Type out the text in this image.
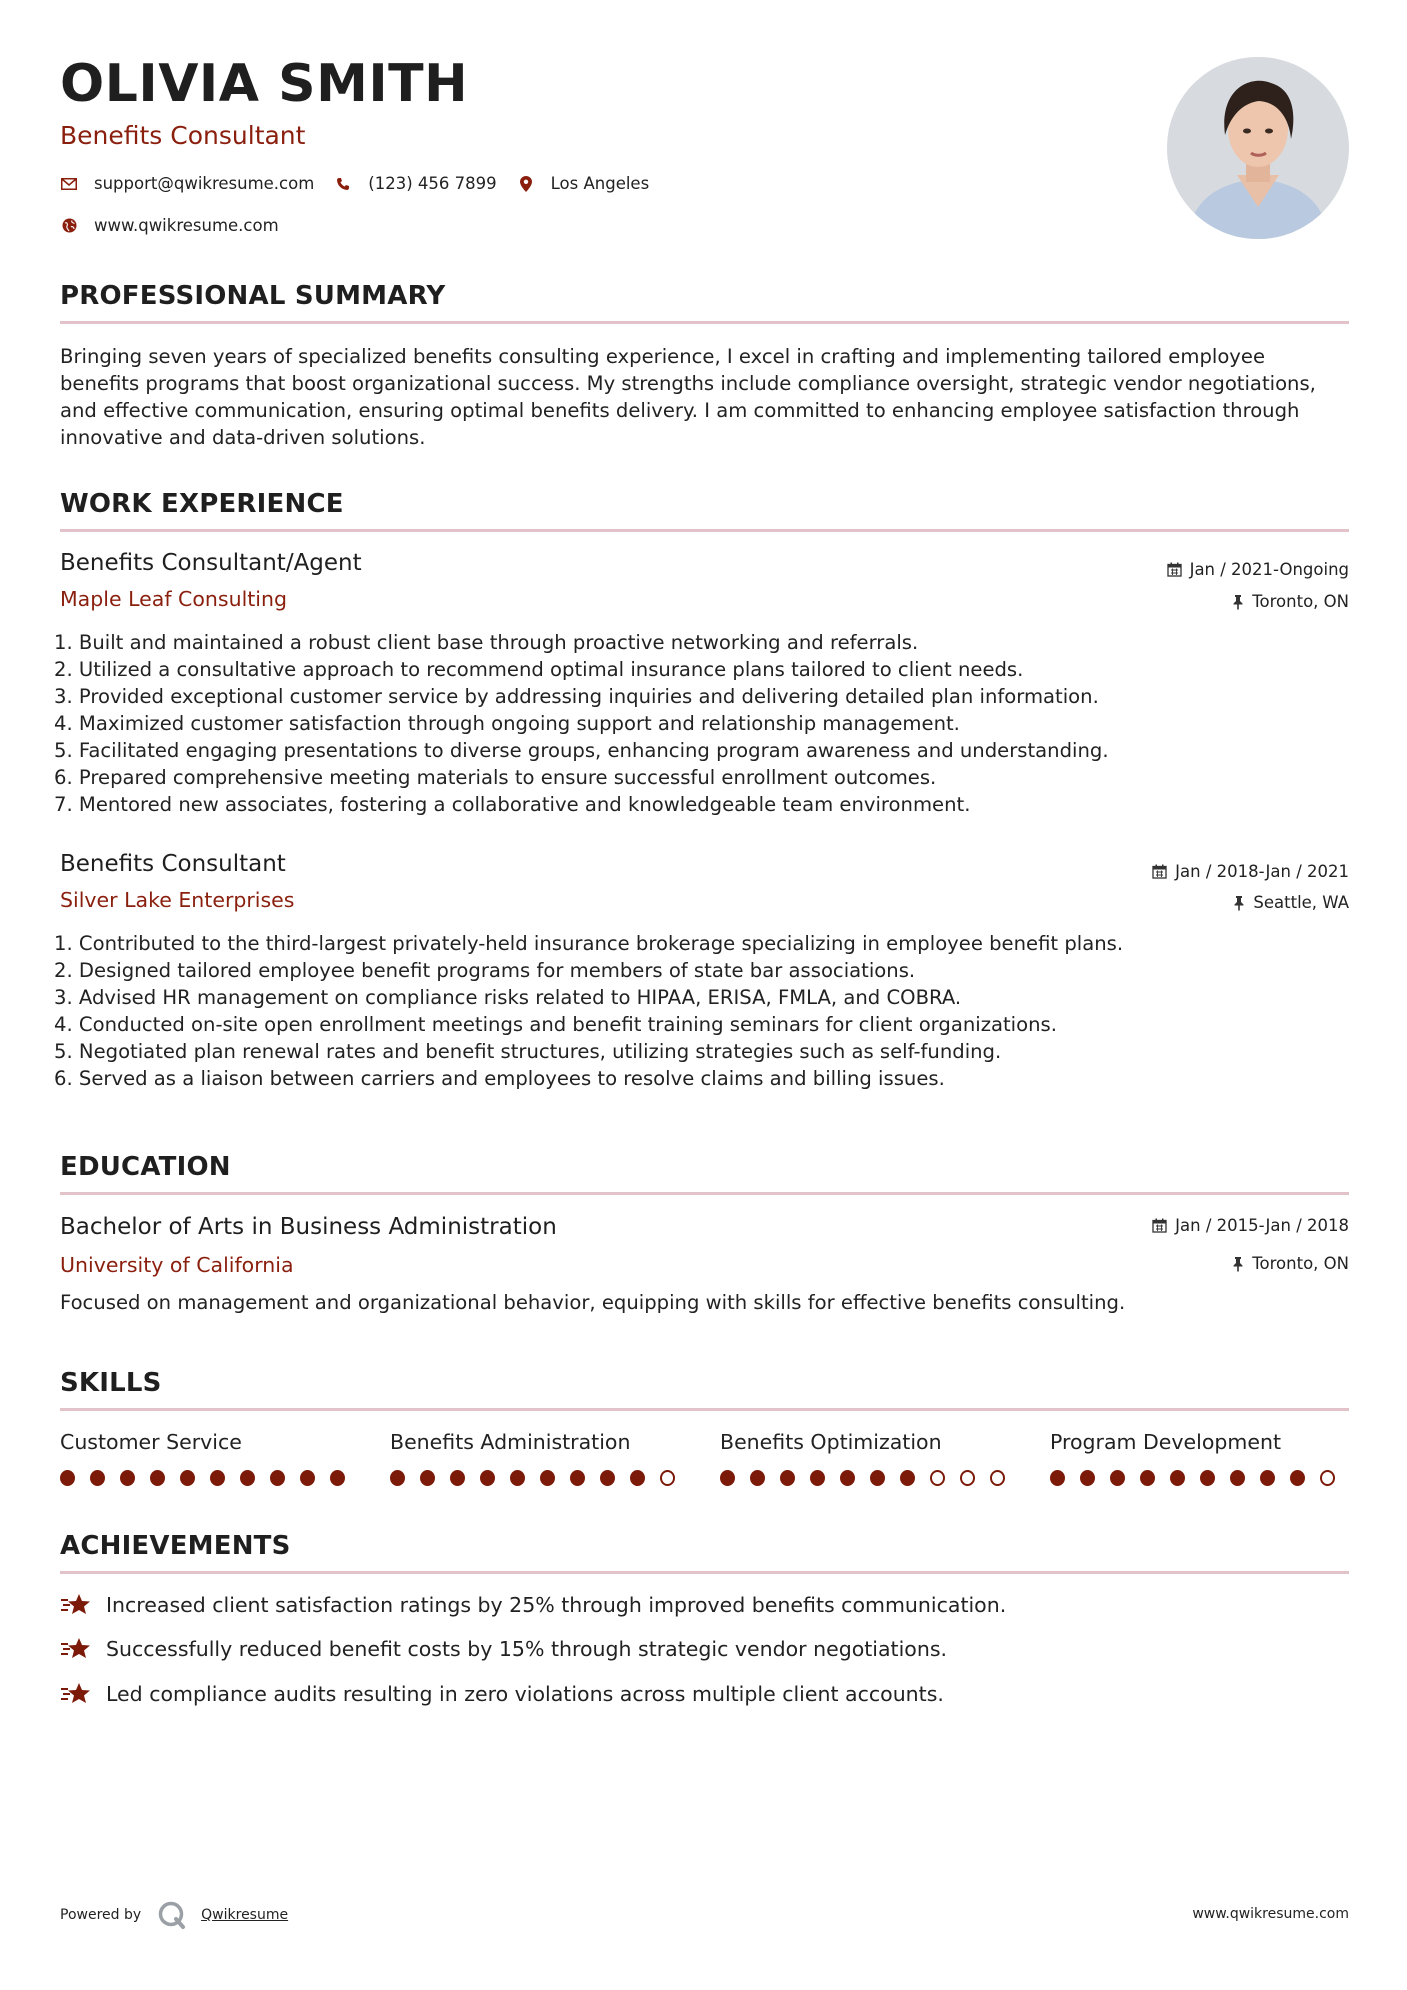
OLIVIA SMITH
Benefits Consultant
support@qwikresume.com	(123) 456 7899	Los Angeles
www.qwikresume.com
PROFESSIONAL SUMMARY

Bringing seven years of specialized benefits consulting experience, I excel in crafting and implementing tailored employee benefits programs that boost organizational success. My strengths include compliance oversight, strategic vendor negotiations, and effective communication, ensuring optimal benefits delivery. I am committed to enhancing employee satisfaction through innovative and data-driven solutions.

WORK EXPERIENCE
Benefits Consultant/Agent	Jan / 2021-Ongoing
Maple Leaf Consulting	Toronto, ON
1. Built and maintained a robust client base through proactive networking and referrals.
2. Utilized a consultative approach to recommend optimal insurance plans tailored to client needs.
3. Provided exceptional customer service by addressing inquiries and delivering detailed plan information.
4. Maximized customer satisfaction through ongoing support and relationship management.
5. Facilitated engaging presentations to diverse groups, enhancing program awareness and understanding.
6. Prepared comprehensive meeting materials to ensure successful enrollment outcomes.
7. Mentored new associates, fostering a collaborative and knowledgeable team environment.
Benefits Consultant	Jan / 2018-Jan / 2021
Silver Lake Enterprises	Seattle, WA
1. Contributed to the third-largest privately-held insurance brokerage specializing in employee benefit plans.
2. Designed tailored employee benefit programs for members of state bar associations.
3. Advised HR management on compliance risks related to HIPAA, ERISA, FMLA, and COBRA.
4. Conducted on-site open enrollment meetings and benefit training seminars for client organizations.
5. Negotiated plan renewal rates and benefit structures, utilizing strategies such as self-funding.
6. Served as a liaison between carriers and employees to resolve claims and billing issues.
EDUCATION
Bachelor of Arts in Business Administration	Jan / 2015-Jan / 2018
University of California	Toronto, ON

Focused on management and organizational behavior, equipping with skills for effective benefits consulting.

SKILLS
Customer Service	Benefits Administration	Benefits Optimization	Program Development
ACHIEVEMENTS
Increased client satisfaction ratings by 25% through improved benefits communication.
Successfully reduced benefit costs by 15% through strategic vendor negotiations.
Led compliance audits resulting in zero violations across multiple client accounts.
Powered by	Qwikresume	www.qwikresume.com
